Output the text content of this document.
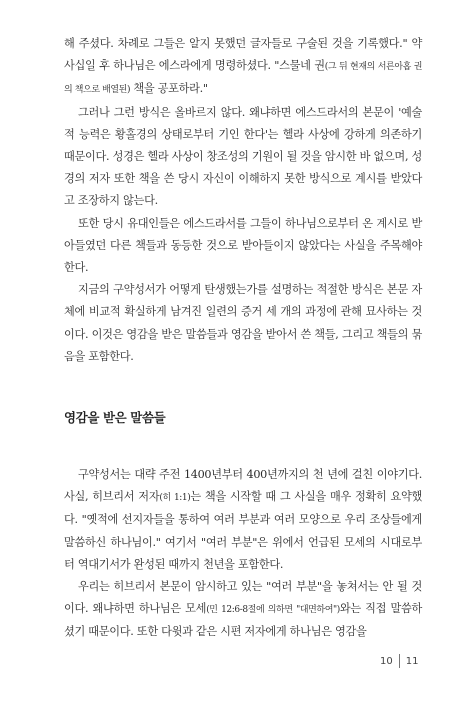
해 주셨다. 차례로 그들은 알지 못했던 글자들로 구술된 것을 기록했다." 약 사십일 후 하나님은 에스라에게 명령하셨다. "스물네 권(그 뒤 현재의 서른아홉 권의 책으로 배열된) 책을 공포하라."

그러나 그런 방식은 올바르지 않다. 왜냐하면 에스드라서의 본문이 '예술적 능력은 황홀경의 상태로부터 기인 한다'는 헬라 사상에 강하게 의존하기 때문이다. 성경은 헬라 사상이 창조성의 기원이 될 것을 암시한 바 없으며, 성경의 저자 또한 책을 쓴 당시 자신이 이해하지 못한 방식으로 계시를 받았다고 조장하지 않는다.

또한 당시 유대인들은 에스드라서를 그들이 하나님으로부터 온 계시로 받아들였던 다른 책들과 동등한 것으로 받아들이지 않았다는 사실을 주목해야 한다.

지금의 구약성서가 어떻게 탄생했는가를 설명하는 적절한 방식은 본문 자체에 비교적 확실하게 남겨진 일련의 증거 세 개의 과정에 관해 묘사하는 것이다. 이것은 영감을 받은 말씀들과 영감을 받아서 쓴 책들, 그리고 책들의 묶음을 포함한다.

영감을 받은 말씀들

구약성서는 대략 주전 1400년부터 400년까지의 천 년에 걸친 이야기다. 사실, 히브리서 저자(히 1:1)는 책을 시작할 때 그 사실을 매우 정확히 요약했다. "옛적에 선지자들을 통하여 여러 부분과 여러 모양으로 우리 조상들에게 말씀하신 하나님이." 여기서 "여러 부분"은 위에서 언급된 모세의 시대로부터 역대기서가 완성된 때까지 천년을 포함한다.

우리는 히브리서 본문이 암시하고 있는 "여러 부분"을 놓쳐서는 안 될 것이다. 왜냐하면 하나님은 모세(민 12:6-8절에 의하면 "대면하여")와는 직접 말씀하셨기 때문이다. 또한 다윗과 같은 시편 저자에게 하나님은 영감을

10 11
